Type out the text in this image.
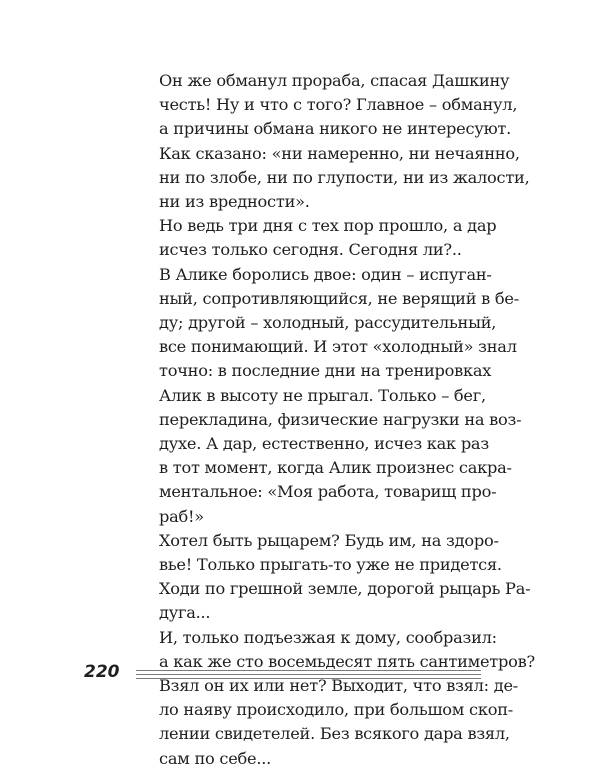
Он же обманул прораба, спасая Дашкину
честь! Ну и что с того? Главное – обманул,
а причины обмана никого не интересуют.
Как сказано: «ни намеренно, ни нечаянно,
ни по злобе, ни по глупости, ни из жалости,
ни из вредности».

Но ведь три дня с тех пор прошло, а дар
исчез только сегодня. Сегодня ли?..

В Алике боролись двое: один – испуган-
ный, сопротивляющийся, не верящий в бе-
ду; другой – холодный, рассудительный,
все понимающий. И этот «холодный» знал
точно: в последние дни на тренировках
Алик в высоту не прыгал. Только – бег,
перекладина, физические нагрузки на воз-
духе. А дар, естественно, исчез как раз
в тот момент, когда Алик произнес сакра-
ментальное: «Моя работа, товарищ про-
раб!»

Хотел быть рыцарем? Будь им, на здоро-
вье! Только прыгать-то уже не придется.
Ходи по грешной земле, дорогой рыцарь Ра-
дуга...

И, только подъезжая к дому, сообразил:
а как же сто восемьдесят пять сантиметров?
Взял он их или нет? Выходит, что взял: де-
ло наяву происходило, при большом скоп-
лении свидетелей. Без всякого дара взял,
сам по себе...

220
